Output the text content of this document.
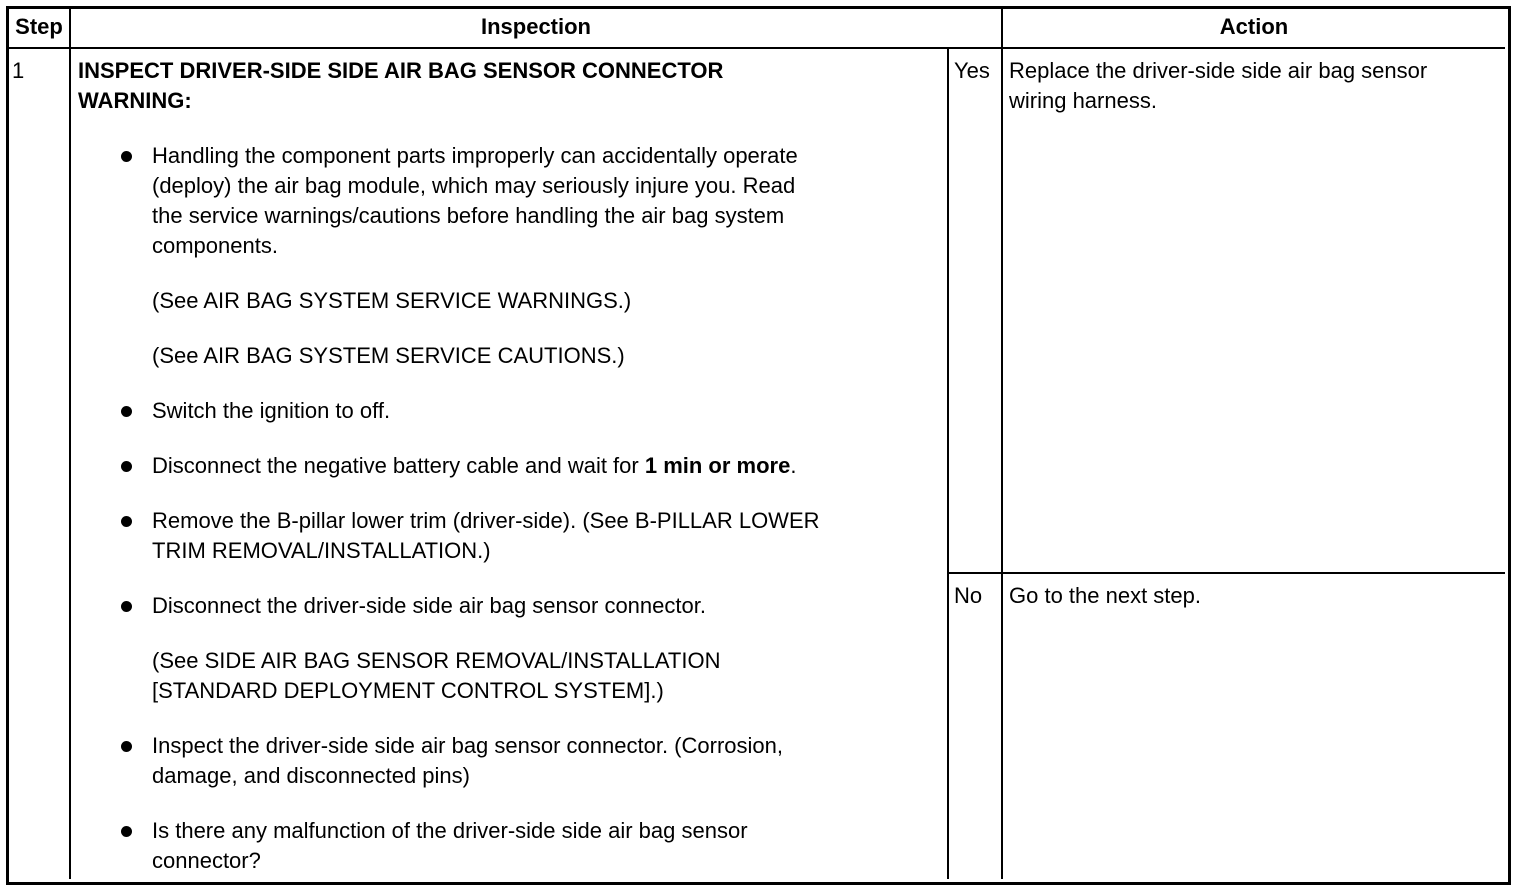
Step	Inspection	Action
1 INSPECT DRIVER-SIDE SIDE AIR BAG SENSOR CONNECTOR
WARNING:
Handling the component parts improperly can accidentally operate
(deploy) the air bag module, which may seriously injure you. Read
the service warnings/cautions before handling the air bag system
components.
(See AIR BAG SYSTEM SERVICE WARNINGS.)
(See AIR BAG SYSTEM SERVICE CAUTIONS.)
Switch the ignition to off.
Disconnect the negative battery cable and wait for 1 min or more.
Remove the B-pillar lower trim (driver-side). (See B-PILLAR LOWER
TRIM REMOVAL/INSTALLATION.)
Disconnect the driver-side side air bag sensor connector.
(See SIDE AIR BAG SENSOR REMOVAL/INSTALLATION
[STANDARD DEPLOYMENT CONTROL SYSTEM].)
Inspect the driver-side side air bag sensor connector. (Corrosion,
damage, and disconnected pins)
Is there any malfunction of the driver-side side air bag sensor
connector?
Yes Replace the driver-side side air bag sensor
wiring harness.
No Go to the next step.
